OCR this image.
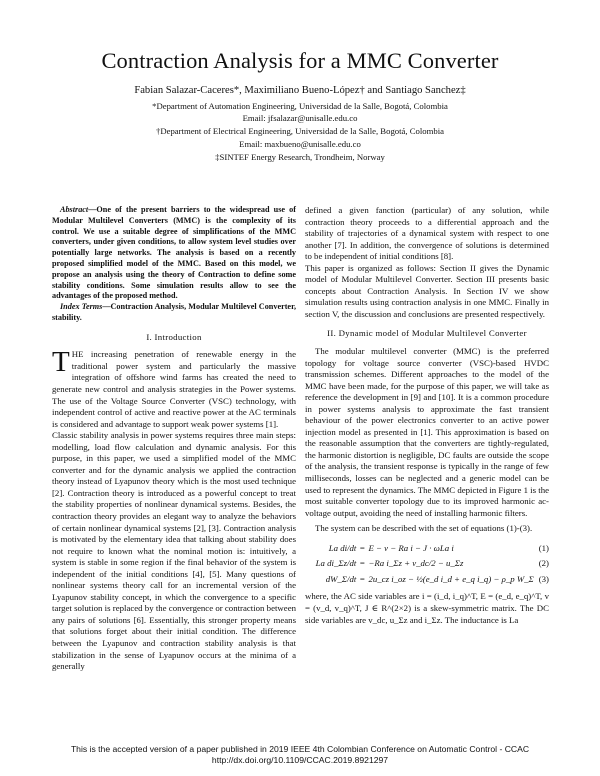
Contraction Analysis for a MMC Converter
Fabian Salazar-Caceres*, Maximiliano Bueno-López† and Santiago Sanchez‡
*Department of Automation Engineering, Universidad de la Salle, Bogotá, Colombia
Email: jfsalazar@unisalle.edu.co
†Department of Electrical Engineering, Universidad de la Salle, Bogotá, Colombia
Email: maxbueno@unisalle.edu.co
‡SINTEF Energy Research, Trondheim, Norway

Abstract—One of the present barriers to the widespread use of Modular Multilevel Converters (MMC) is the complexity of its control. We use a suitable degree of simplifications of the MMC converters, under given conditions, to allow system level studies over potentially large networks. The analysis is based on a recently proposed simplified model of the MMC. Based on this model, we propose an analysis using the theory of Contraction to define some stability conditions. Some simulation results allow to see the advantages of the proposed method.

Index Terms—Contraction Analysis, Modular Multilevel Converter, stability.

I. Introduction

THE increasing penetration of renewable energy in the traditional power system and particularly the massive integration of offshore wind farms has created the need to generate new control and analysis strategies in the Power systems. The use of the Voltage Source Converter (VSC) technology, with independent control of active and reactive power at the AC terminals is considered and advantage to support weak power systems [1].

Classic stability analysis in power systems requires three main steps: modelling, load flow calculation and dynamic analysis. For this purpose, in this paper, we used a simplified model of the MMC converter and for the dynamic analysis we applied the contraction theory instead of Lyapunov theory which is the most used technique [2]. Contraction theory is introduced as a powerful concept to treat the stability properties of nonlinear dynamical systems. Besides, the contraction theory provides an elegant way to analyze the behaviors of certain nonlinear dynamical systems [2], [3]. Contraction analysis is motivated by the elementary idea that talking about stability does not require to known what the nominal motion is: intuitively, a system is stable in some region if the final behavior of the system is independent of the initial conditions [4], [5]. Many questions of nonlinear systems theory call for an incremental version of the Lyapunov stability concept, in which the convergence to a specific target solution is replaced by the convergence or contraction between any pairs of solutions [6]. Essentially, this stronger property means that solutions forget about their initial condition. The difference between the Lyapunov and contraction stability analysis is that stabilization in the sense of Lyapunov occurs at the minima of a generally

defined a given fanction (particular) of any solution, while contraction theory proceeds to a differential approach and the stability of trajectories of a dynamical system with respect to one another [7]. In addition, the convergence of solutions is determined to be independent of initial conditions [8].

This paper is organized as follows: Section II gives the Dynamic model of Modular Multilevel Converter. Section III presents basic concepts about Contraction Analysis. In Section IV we show simulation results using contraction analysis in one MMC. Finally in section V, the discussion and conclusions are presented respectively.

II. Dynamic model of Modular Multilevel Converter

The modular multilevel converter (MMC) is the preferred topology for voltage source converter (VSC)-based HVDC transmission schemes. Different approaches to the model of the MMC have been made, for the purpose of this paper, we will take as reference the development in [9] and [10]. It is a common procedure in power systems analysis to approximate the fast transient behaviour of the power electronics converter to an active power injection model as presented in [1]. This approximation is based on the reasonable assumption that the converters are tightly-regulated, the harmonic distortion is negligible, DC faults are outside the scope of the analysis, the transient response is typically in the range of few milliseconds, losses can be neglected and a generic model can be used to represent the dynamics. The MMC depicted in Figure 1 is the most suitable converter topology due to its improved harmonic ac-voltage output, avoiding the need of installing harmonic filters.

The system can be described with the set of equations (1)-(3).

La di/dt	=	E − v − Ra i − J · ωLa i	(1)
La di_Σz/dt	=	−Ra i_Σz + v_dc/2 − u_Σz	(2)
dW_Σ/dt	=	2u_cz i_oz − ½(e_d i_d + e_q i_q) − ρ_p W_Σ	(3)

where, the AC side variables are i = (i_d, i_q)^T, E = (e_d, e_q)^T, v = (v_d, v_q)^T, J ∈ R^(2×2) is a skew-symmetric matrix. The DC side variables are v_dc, u_Σz and i_Σz. The inductance is La

This is the accepted version of a paper published in 2019 IEEE 4th Colombian Conference on Automatic Control - CCAC
http://dx.doi.org/10.1109/CCAC.2019.8921297
